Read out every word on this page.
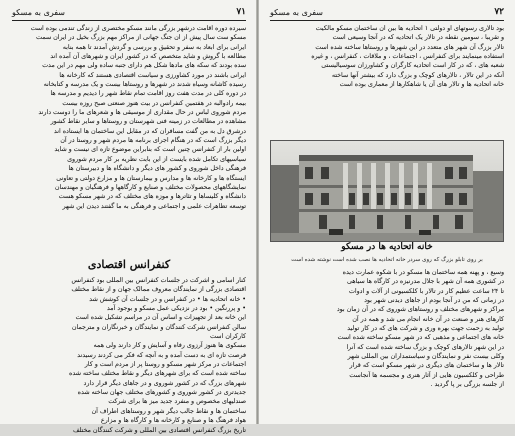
٧١
سفری به مسکو
سیرده دوره اقامت درشهر بزرگی مانند مسکو مختصری از زندگی تندمی بوده است
مسکو ست سال پیش از ان جنگ جهانی از مراکز مهم بزرگ بخیل در ایران سمت
ایرانی برای ابعاد به سفر و تحقیق و بررسی و گردش آمدند تا همه بنابه
مطالعه با گروش و شاید متخصص که در کشور ایران و شهرهای آن آمده اند
سده بودند که سکه های مادها شکل هم دارای جنبه ساده ولی مهم در این مدت
ایرانی باشند در مورد کشاورزی و سیاست اقتصادی هستند که کارخانه ها
رسیده کاشانه وسیاه شدند در شهرها و روستاها بیست و یک مدرسه و کتابخانه
در دوره کلی در مدت هفت روز اقامت تمام نقاط شهر را دیدیم و مدرسه ها
بیمه رادوالبه در هفتمین کنفرانس در بیت هنوز صنعتی صبح روزه بیست
مردم شوروی لباس در حال مقداری از موسیقی ها و شعرهای ما را دوست دارند
مشاهده در مطالعات در زمینه فنی شهرستان و روستاها و سایر نقاط کشور
درشرق دل به من گفت مسافران که در مقابل این ساختمان ها ایستاده اند
دیگر بزرگ است که در هنگام اجرای برنامه ها مردم شهر و روستا در آن
اولین بار از کنفرانس چنین است که بنابراین موضوع تازه ای نیست و شاید
سیاسیهای تکامل شده بایست از این بابت نظریه بر کار مردم شوروی
فرهنگی داخل شوروی و کشور های دیگر و دانشگاه ها و دبیرستان ها
ایستگاه ها و کارخانه ها و مدارس و بیمارستان ها و مزارع دولتی و تعاونی
نمایشگاههای محصولات مختلف و صنایع و کارگاهها و فرهنگیان و مهندسان
دانشگاه و کلیساها و تئاترها و موزه های مختلف که در شهر مسکو هست
توسعه تظاهرات علمی و اجتماعی و فرهنگی به ما گفتند دیدن این شهر
کنفرانس اقتصادی
کنار اسامی و اشرکت در جلسات کنفرانس بین المللی بود کنفرانس
اقتصادی بزرگی از نمایندگان معروف ممالک جهان و از نقاط مختلف
• خانه اتحادیه ها • در کنفرانس و در جلسات آن کوشش شد
• و پررنگین • بود در نزدیکی عمل مسکو و بوجود آمد
این خانه بعد از تجهیزات و اساس آن در مراسم تشکیل شده است
سالن کنفرانس شرکت کنندگان و نمایندگان و خبرنگاران و مترجمان
کارکران است
مسکوی ها هنوز آرزوی رفاه و آسایش و کار دارند ولی همه
فرصت تازه ای به دست آمده و به آنچه که فکر می کردند رسیدند
اجتماعات در مرکز شهر مسکو و روستا پر از مردم است و کار
ساخته شده است که برای شهرهای دیگر و نقاط مختلف ساخته شده
شهرهای بزرگ که در کشور شوروی و در جاهای دیگر قرار دارد
جدیدتری در کشور شوروی و کشورهای مختلف جهان ساخته شده
صندلیهای مخصوص و منفرد جدید میز ها برای شرکت
ساختمان ها و نقاط جالب دیگر شهر و روستاهای اطراف آن
هواد فرهنگ ها و صنایع و کارخانه ها و کارگاه ها و مزارع
تاریخ بزرگ کنفرانس اقتصادی بین المللی و شرکت کنندگان مختلف
٧٢
سفری به مسکو
بود تالاری رسوتهای او دولتی ۱ اتحادیه ها بین ان ساختمان مسکو مالکیت
و تقریبا ، سومین نقطه در تالار یک اتحادیه که در آنجا وسیعی است
تالار بزرگ آن شهر های متعدد در این شهرها و روستاها ساخته شده است
استفاده مینمایند برای کنفرانس ، اجتماعات ، و ملاقات ، کنفرانس ، و غیره
شعبه های ، که در کار است اتحادیه کارگران و کشاورزان سوسیالیستی
آنکه در این تالار ، تالارهای کوچک و بزرگ دارد که بیشتر آنها ساخته
خانه اتحادیه ها و تالار های آن یا شاهکارها از معماری بوده است
خانه اتحادیه ها در مسکو
بر روی تابلو بزرگ که روی سردر خانه اتحادیه ها نصب شده است نوشته شده است
وسیع ، و پهنه همه ساختمان ها مسکو در با شکوه عمارت دیده
در کشوری همه آن شهر با جلال مدرنیزه در کارگاه ها سیاهی
تا ۲۴ ساعت عظیم کار در تالار با کلکسیونی از آلات و ادوات
در زمانی که من در آنجا بودم از جاهای دیدنی شهر بود
مراکز و شهرهای مختلف و روستاهای شوروی که در آن زمان بود
کارهای هنر و صنعت در آن خانه انجام می شد و همه در آن
تولید به زحمت جهت بهره وری و شرکت های که در کار تولید
خانه های اجتماعی و مذهبی که در شهر مسکو ساخته شده است
در این شهر تالارهای کوچک و بزرگ ساخته شده است که آنرا
وکلی بیست نفر و نمایندگان و سیاستمداران بین المللی شهر
تالار ها و ساختمان های دیگری در شهر مسکو است که قرار
طراحی و کلکسیون هایی از آثار هنری و مجسمه ها آنجاست
از جلسه بزرگی بر پا گردید .
